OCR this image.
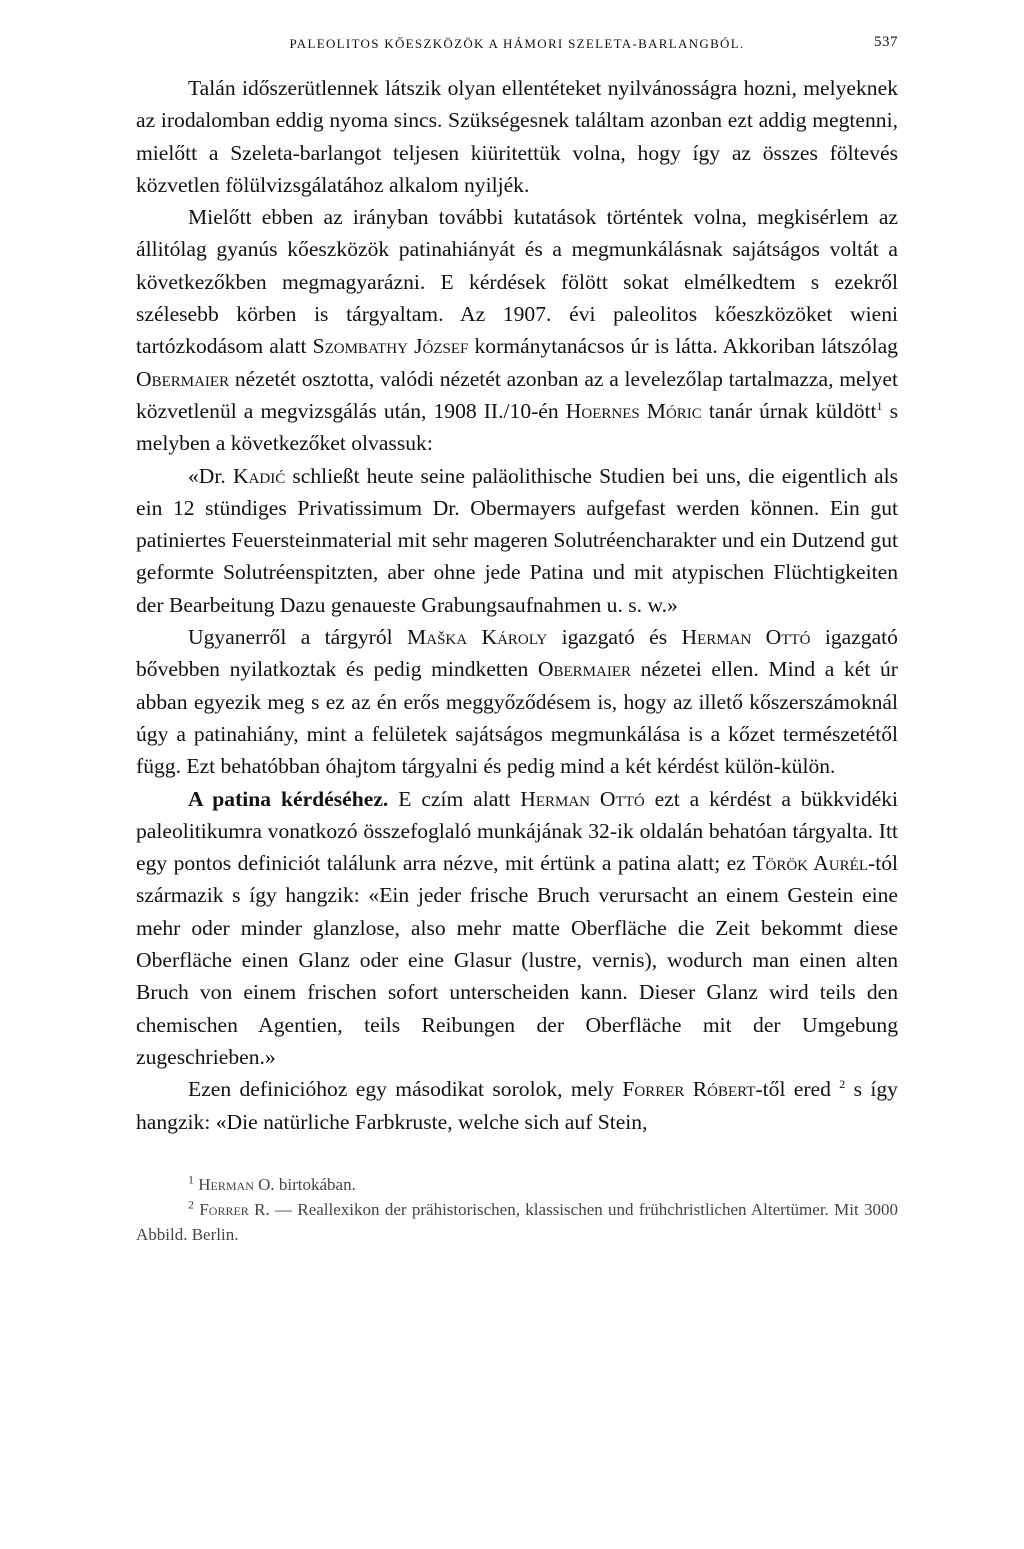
PALEOLITOS KŐESZKÖZÖK A HÁMORI SZELETA-BARLANGBÓL.	537

Talán időszerütlennek látszik olyan ellentéteket nyilvánosságra hozni, melyeknek az irodalomban eddig nyoma sincs. Szükségesnek találtam azonban ezt addig megtenni, mielőtt a Szeleta-barlangot teljesen kiüritettük volna, hogy így az összes föltevés közvetlen fölülvizsgálatához alkalom nyiljék.

Mielőtt ebben az irányban további kutatások történtek volna, megkisérlem az állitólag gyanús kőeszközök patinahiányát és a megmunkálásnak sajátságos voltát a következőkben megmagyarázni. E kérdések fölött sokat elmélkedtem s ezekről szélesebb körben is tárgyaltam. Az 1907. évi paleolitos kőeszközöket wieni tartózkodásom alatt Szombathy József kormánytanácsos úr is látta. Akkoriban látszólag Obermaier nézetét osztotta, valódi nézetét azonban az a levelezőlap tartalmazza, melyet közvetlenül a megvizsgálás után, 1908 II./10-én Hoernes Móric tanár úrnak küldött$^1$ s melyben a következőket olvassuk:

«Dr. Kadić schließt heute seine paläolithische Studien bei uns, die eigentlich als ein 12 stündiges Privatissimum Dr. Obermayers aufgefast werden können. Ein gut patiniertes Feuersteinmaterial mit sehr mageren Solutréencharakter und ein Dutzend gut geformte Solutréenspitzten, aber ohne jede Patina und mit atypischen Flüchtigkeiten der Bearbeitung Dazu genaueste Grabungsaufnahmen u. s. w.»

Ugyanerről a tárgyról Maška Károly igazgató és Herman Ottó igazgató bővebben nyilatkoztak és pedig mindketten Obermaier nézetei ellen. Mind a két úr abban egyezik meg s ez az én erős meggyőződésem is, hogy az illető kőszerszámoknál úgy a patinahiány, mint a felületek sajátságos megmunkálása is a kőzet természetétől függ. Ezt behatóbban óhajtom tárgyalni és pedig mind a két kérdést külön-külön.

A patina kérdéséhez. E czím alatt Herman Ottó ezt a kérdést a bükkvidéki paleolitikumra vonatkozó összefoglaló munkájának 32-ik oldalán behatóan tárgyalta. Itt egy pontos definiciót találunk arra nézve, mit értünk a patina alatt; ez Török Aurél-tól származik s így hangzik: «Ein jeder frische Bruch verursacht an einem Gestein eine mehr oder minder glanzlose, also mehr matte Oberfläche die Zeit bekommt diese Oberfläche einen Glanz oder eine Glasur (lustre, vernis), wodurch man einen alten Bruch von einem frischen sofort unterscheiden kann. Dieser Glanz wird teils den chemischen Agentien, teils Reibungen der Oberfläche mit der Umgebung zugeschrieben.»

Ezen definicióhoz egy másodikat sorolok, mely Forrer Róbert-től ered $^2$ s így hangzik: «Die natürliche Farbkruste, welche sich auf Stein,

$^1$ Herman O. birtokában.

$^2$ Forrer R. — Reallexikon der prähistorischen, klassischen und frühchristlichen Altertümer. Mit 3000 Abbild. Berlin.
